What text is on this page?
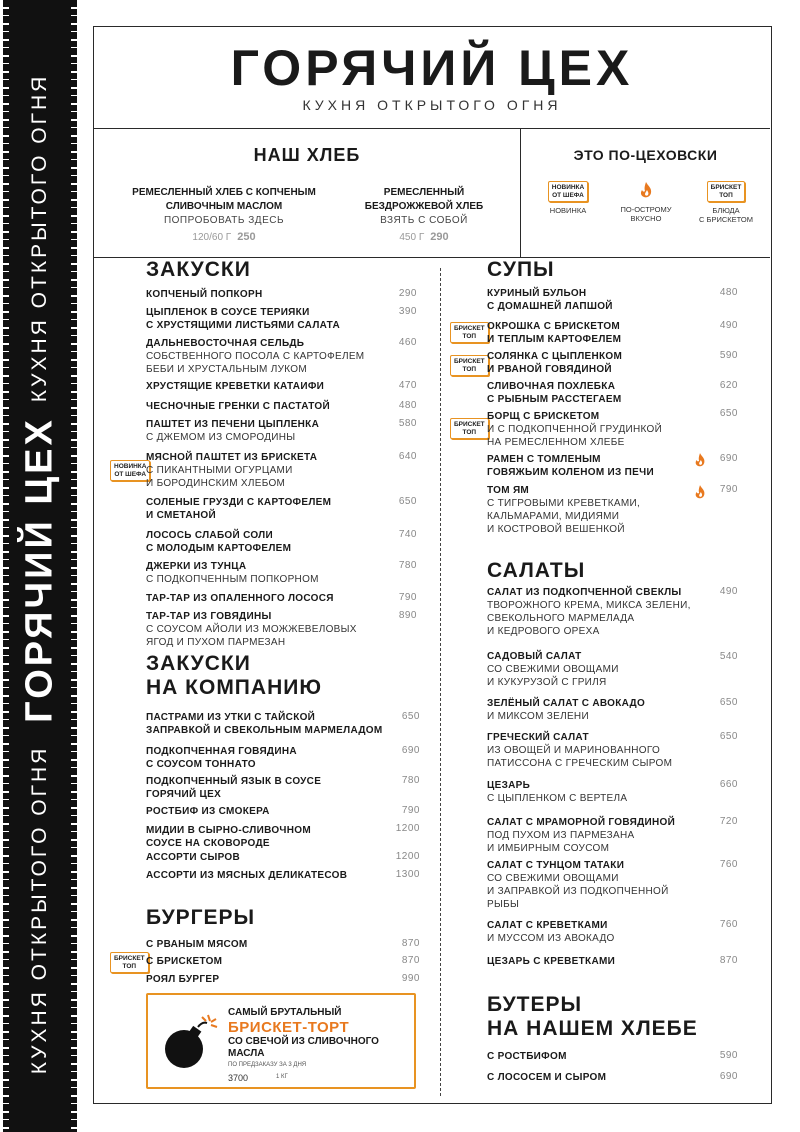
КУХНЯ ОТКРЫТОГО ОГНЯ
ГОРЯЧИЙ ЦЕХ
КУХНЯ ОТКРЫТОГО ОГНЯ
ГОРЯЧИЙ ЦЕХ
КУХНЯ ОТКРЫТОГО ОГНЯ
НАШ ХЛЕБ
РЕМЕСЛЕННЫЙ ХЛЕБ С КОПЧЕНЫМ
СЛИВОЧНЫМ МАСЛОМ
ПОПРОБОВАТЬ ЗДЕСЬ
120/60 Г 250
РЕМЕСЛЕННЫЙ
БЕЗДРОЖЖЕВОЙ ХЛЕБ
ВЗЯТЬ С СОБОЙ
450 Г 290
ЭТО ПО-ЦЕХОВСКИ
НОВИНКА
ОТ ШЕФА
НОВИНКА	ПО-ОСТРОМУ
ВКУСНО
БРИСКЕТ
ТОП
БЛЮДА
С БРИСКЕТОМ
ЗАКУСКИ
КОПЧЕНЫЙ ПОПКОРН	290
ЦЫПЛЕНОК В СОУСЕ ТЕРИЯКИ
С ХРУСТЯЩИМИ ЛИСТЬЯМИ САЛАТА
390
ДАЛЬНЕВОСТОЧНАЯ СЕЛЬДЬ
СОБСТВЕННОГО ПОСОЛА С КАРТОФЕЛЕМ
БЕБИ И ХРУСТАЛЬНЫМ ЛУКОМ
460
ХРУСТЯЩИЕ КРЕВЕТКИ КАТАИФИ	470
ЧЕСНОЧНЫЕ ГРЕНКИ С ПАСТАТОЙ	480
ПАШТЕТ ИЗ ПЕЧЕНИ ЦЫПЛЕНКА
С ДЖЕМОМ ИЗ СМОРОДИНЫ
580
НОВИНКА
ОТ ШЕФА
МЯСНОЙ ПАШТЕТ ИЗ БРИСКЕТА
С ПИКАНТНЫМИ ОГУРЦАМИ
И БОРОДИНСКИМ ХЛЕБОМ
640
СОЛЕНЫЕ ГРУЗДИ С КАРТОФЕЛЕМ
И СМЕТАНОЙ
650
ЛОСОСЬ СЛАБОЙ СОЛИ
С МОЛОДЫМ КАРТОФЕЛЕМ
740
ДЖЕРКИ ИЗ ТУНЦА
С ПОДКОПЧЕННЫМ ПОПКОРНОМ
780
ТАР-ТАР ИЗ ОПАЛЕННОГО ЛОСОСЯ	790
ТАР-ТАР ИЗ ГОВЯДИНЫ
С СОУСОМ АЙОЛИ ИЗ МОЖЖЕВЕЛОВЫХ
ЯГОД И ПУХОМ ПАРМЕЗАН
890
ЗАКУСКИ
НА КОМПАНИЮ
ПАСТРАМИ ИЗ УТКИ С ТАЙСКОЙ
ЗАПРАВКОЙ И СВЕКОЛЬНЫМ МАРМЕЛАДОМ
650
ПОДКОПЧЕННАЯ ГОВЯДИНА
С СОУСОМ ТОННАТО
690
ПОДКОПЧЕННЫЙ ЯЗЫК В СОУСЕ
ГОРЯЧИЙ ЦЕХ
780
РОСТБИФ ИЗ СМОКЕРА	790
МИДИИ В СЫРНО-СЛИВОЧНОМ
СОУСЕ НА СКОВОРОДЕ
1200
АССОРТИ СЫРОВ	1200
АССОРТИ ИЗ МЯСНЫХ ДЕЛИКАТЕСОВ	1300
БУРГЕРЫ
С РВАНЫМ МЯСОМ	870
БРИСКЕТ
ТОП С БРИСКЕТОМ	870
РОЯЛ БУРГЕР	990
САМЫЙ БРУТАЛЬНЫЙ
БРИСКЕТ-ТОРТ
СО СВЕЧОЙ ИЗ СЛИВОЧНОГО МАСЛА
ПО ПРЕДЗАКАЗУ ЗА 3 ДНЯ
3700	1 КГ
СУПЫ
КУРИНЫЙ БУЛЬОН
С ДОМАШНЕЙ ЛАПШОЙ
480
БРИСКЕТ
ТОП
ОКРОШКА С БРИСКЕТОМ
И ТЕПЛЫМ КАРТОФЕЛЕМ
490
БРИСКЕТ
ТОП
СОЛЯНКА С ЦЫПЛЕНКОМ
И РВАНОЙ ГОВЯДИНОЙ
590
СЛИВОЧНАЯ ПОХЛЕБКА
С РЫБНЫМ РАССТЕГАЕМ
620
БРИСКЕТ
ТОП
БОРЩ С БРИСКЕТОМ
И С ПОДКОПЧЕННОЙ ГРУДИНКОЙ
НА РЕМЕСЛЕННОМ ХЛЕБЕ
650
РАМЕН С ТОМЛЕНЫМ
ГОВЯЖЬИМ КОЛЕНОМ ИЗ ПЕЧИ
690
ТОМ ЯМ
С ТИГРОВЫМИ КРЕВЕТКАМИ,
КАЛЬМАРАМИ, МИДИЯМИ
И КОСТРОВОЙ ВЕШЕНКОЙ
790
САЛАТЫ
САЛАТ ИЗ ПОДКОПЧЕННОЙ СВЕКЛЫ
ТВОРОЖНОГО КРЕМА, МИКСА ЗЕЛЕНИ,
СВЕКОЛЬНОГО МАРМЕЛАДА
И КЕДРОВОГО ОРЕХА
490
САДОВЫЙ САЛАТ
СО СВЕЖИМИ ОВОЩАМИ
И КУКУРУЗОЙ С ГРИЛЯ
540
ЗЕЛЁНЫЙ САЛАТ С АВОКАДО
И МИКСОМ ЗЕЛЕНИ
650
ГРЕЧЕСКИЙ САЛАТ
ИЗ ОВОЩЕЙ И МАРИНОВАННОГО
ПАТИССОНА С ГРЕЧЕСКИМ СЫРОМ
650
ЦЕЗАРЬ
С ЦЫПЛЕНКОМ С ВЕРТЕЛА
660
САЛАТ С МРАМОРНОЙ ГОВЯДИНОЙ
ПОД ПУХОМ ИЗ ПАРМЕЗАНА
И ИМБИРНЫМ СОУСОМ
720
САЛАТ С ТУНЦОМ ТАТАКИ
СО СВЕЖИМИ ОВОЩАМИ
И ЗАПРАВКОЙ ИЗ ПОДКОПЧЕННОЙ
РЫБЫ
760
САЛАТ С КРЕВЕТКАМИ
И МУССОМ ИЗ АВОКАДО
760
ЦЕЗАРЬ С КРЕВЕТКАМИ	870
БУТЕРЫ
НА НАШЕМ ХЛЕБЕ
С РОСТБИФОМ	590
С ЛОСОСЕМ И СЫРОМ	690
